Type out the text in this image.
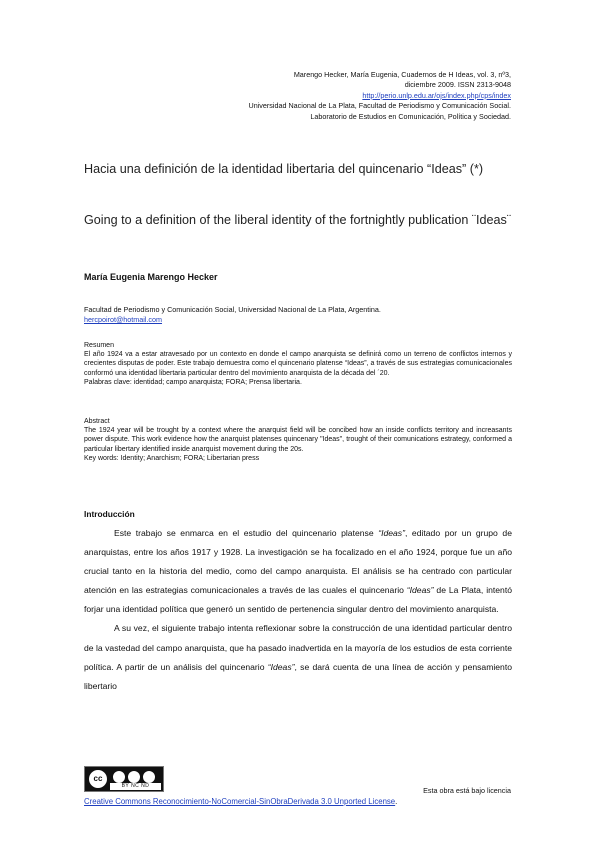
Marengo Hecker, María Eugenia, Cuadernos de H Ideas, vol. 3, nº3,
diciembre 2009. ISSN 2313-9048
http://perio.unlp.edu.ar/ojs/index.php/cps/index
Universidad Nacional de La Plata, Facultad de Periodismo y Comunicación Social.
Laboratorio de Estudios en Comunicación, Política y Sociedad.
Hacia una definición de la identidad libertaria del quincenario “Ideas” (*)
Going to a definition of the liberal identity of the fortnightly publication ¨Ideas¨
María Eugenia Marengo Hecker
Facultad de Periodismo y Comunicación Social, Universidad Nacional de La Plata, Argentina.
hercpoirot@hotmail.com

Resumen

El año 1924 va a estar atravesado por un contexto en donde el campo anarquista se definirá como un terreno de conflictos internos y crecientes disputas de poder. Este trabajo demuestra como el quincenario platense “Ideas”, a través de sus estrategias comunicacionales conformó una identidad libertaria particular dentro del movimiento anarquista de la década del ´20.

Palabras clave: identidad; campo anarquista; FORA; Prensa libertaria.

Abstract

The 1924 year will be trought by a context where the anarquist field will be concibed how an inside conflicts territory and increasants power dispute. This work evidence how the anarquist platenses quincenary "Ideas", trought of their comunications estrategy, conformed a particular libertary identified inside anarquist movement during the 20s.

Key words: Identity; Anarchism; FORA; Libertarian press

Introducción

Este trabajo se enmarca en el estudio del quincenario platense “Ideas”, editado por un grupo de anarquistas, entre los años 1917 y 1928. La investigación se ha focalizado en el año 1924, porque fue un año crucial tanto en la historia del medio, como del campo anarquista. El análisis se ha centrado con particular atención en las estrategias comunicacionales a través de las cuales el quincenario “Ideas” de La Plata, intentó forjar una identidad política que generó un sentido de pertenencia singular dentro del movimiento anarquista.

A su vez, el siguiente trabajo intenta reflexionar sobre la construcción de una identidad particular dentro de la vastedad del campo anarquista, que ha pasado inadvertida en la mayoría de los estudios de esta corriente política. A partir de un análisis del quincenario “Ideas”, se dará cuenta de una línea de acción y pensamiento libertario

cc
BY NC ND	Esta obra está bajo licencia
Creative Commons Reconocimiento-NoComercial-SinObraDerivada 3.0 Unported License.
